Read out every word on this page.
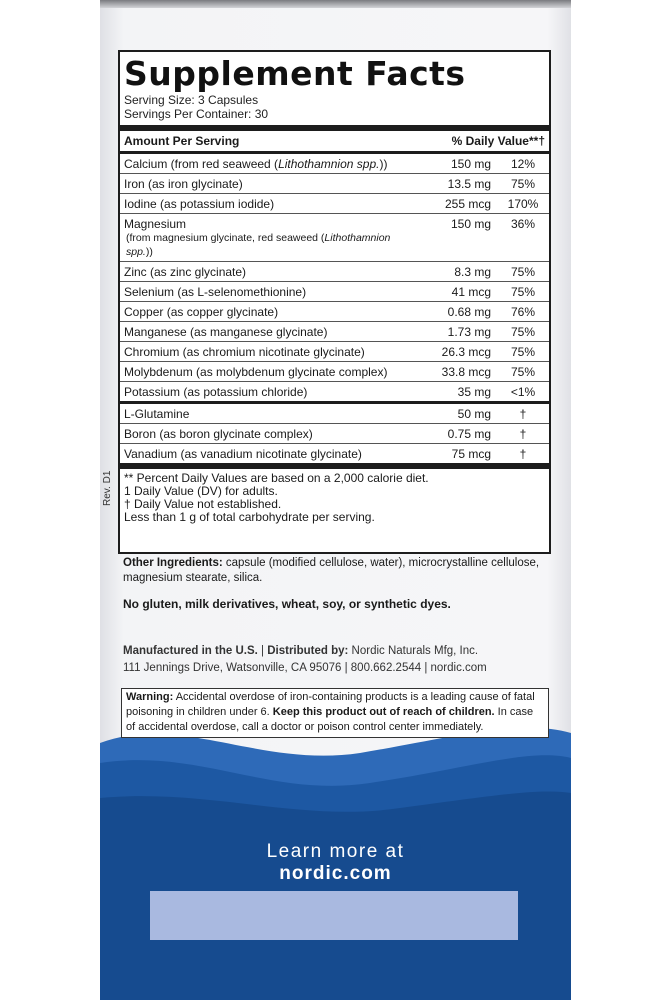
Supplement Facts
Serving Size: 3 Capsules
Servings Per Container: 30
Amount Per Serving	% Daily Value**†
Calcium (from red seaweed (Lithothamnion spp.))	150 mg	12%
Iron (as iron glycinate)	13.5 mg	75%
Iodine (as potassium iodide)	255 mcg	170%
Magnesium
(from magnesium glycinate, red seaweed (Lithothamnion spp.))
150 mg	36%
Zinc (as zinc glycinate)	8.3 mg	75%
Selenium (as L-selenomethionine)	41 mcg	75%
Copper (as copper glycinate)	0.68 mg	76%
Manganese (as manganese glycinate)	1.73 mg	75%
Chromium (as chromium nicotinate glycinate)	26.3 mcg	75%
Molybdenum (as molybdenum glycinate complex)	33.8 mcg	75%
Potassium (as potassium chloride)	35 mg	<1%
L-Glutamine	50 mg	†
Boron (as boron glycinate complex)	0.75 mg	†
Vanadium (as vanadium nicotinate glycinate)	75 mcg	†
** Percent Daily Values are based on a 2,000 calorie diet.
1 Daily Value (DV) for adults.
† Daily Value not established.
Less than 1 g of total carbohydrate per serving.
Rev. D1
Other Ingredients: capsule (modified cellulose, water), microcrystalline cellulose, magnesium stearate, silica.
No gluten, milk derivatives, wheat, soy, or synthetic dyes.
Manufactured in the U.S. | Distributed by: Nordic Naturals Mfg, Inc.
111 Jennings Drive, Watsonville, CA 95076 | 800.662.2544 | nordic.com
Warning: Accidental overdose of iron-containing products is a leading cause of fatal poisoning in children under 6. Keep this product out of reach of children. In case of accidental overdose, call a doctor or poison control center immediately.
Learn more at
nordic.com
